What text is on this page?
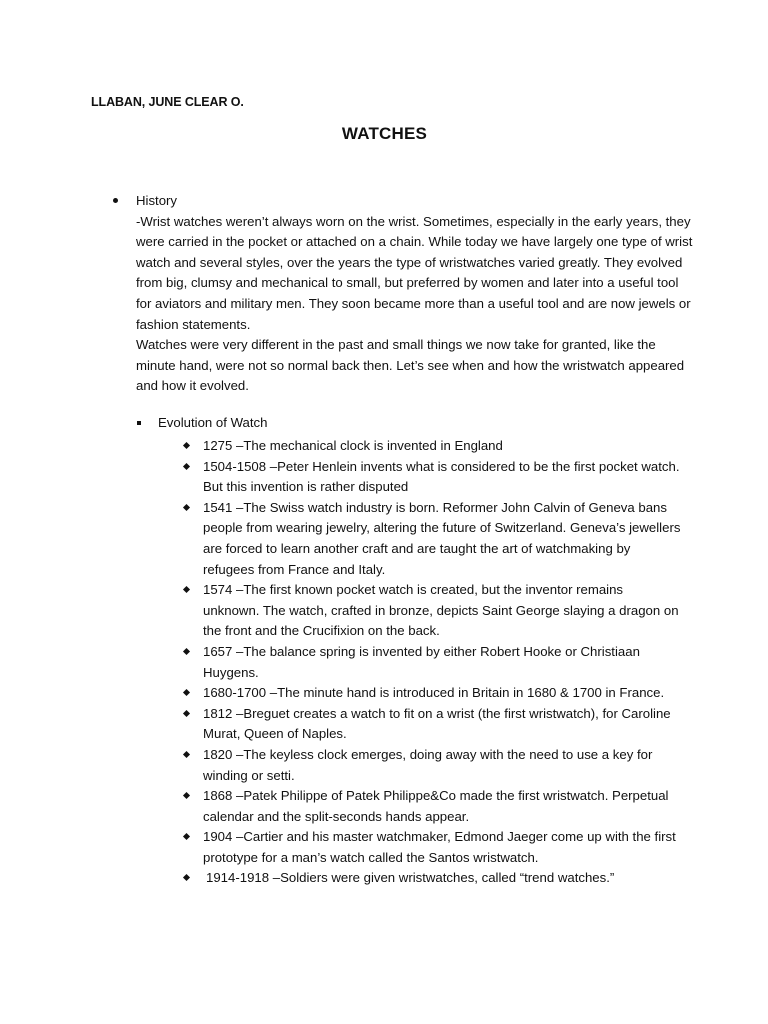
LLABAN, JUNE CLEAR O.
WATCHES

History

-Wrist watches weren’t always worn on the wrist. Sometimes, especially in the early years, they were carried in the pocket or attached on a chain. While today we have largely one type of wrist watch and several styles, over the years the type of wristwatches varied greatly. They evolved from big, clumsy and mechanical to small, but preferred by women and later into a useful tool for aviators and military men. They soon became more than a useful tool and are now jewels or fashion statements.

Watches were very different in the past and small things we now take for granted, like the minute hand, were not so normal back then. Let’s see when and how the wristwatch appeared and how it evolved.

Evolution of Watch
1275 –The mechanical clock is invented in England
1504-1508 –Peter Henlein invents what is considered to be the first pocket watch. But this invention is rather disputed
1541 –The Swiss watch industry is born. Reformer John Calvin of Geneva bans people from wearing jewelry, altering the future of Switzerland. Geneva’s jewellers are forced to learn another craft and are taught the art of watchmaking by refugees from France and Italy.
1574 –The first known pocket watch is created, but the inventor remains unknown. The watch, crafted in bronze, depicts Saint George slaying a dragon on the front and the Crucifixion on the back.
1657 –The balance spring is invented by either Robert Hooke or Christiaan Huygens.
1680-1700 –The minute hand is introduced in Britain in 1680 & 1700 in France.
1812 –Breguet creates a watch to fit on a wrist (the first wristwatch), for Caroline Murat, Queen of Naples.
1820 –The keyless clock emerges, doing away with the need to use a key for winding or setti.
1868 –Patek Philippe of Patek Philippe&Co made the first wristwatch. Perpetual calendar and the split-seconds hands appear.
1904 –Cartier and his master watchmaker, Edmond Jaeger come up with the first prototype for a man’s watch called the Santos wristwatch.
1914-1918 –Soldiers were given wristwatches, called “trend watches.”
